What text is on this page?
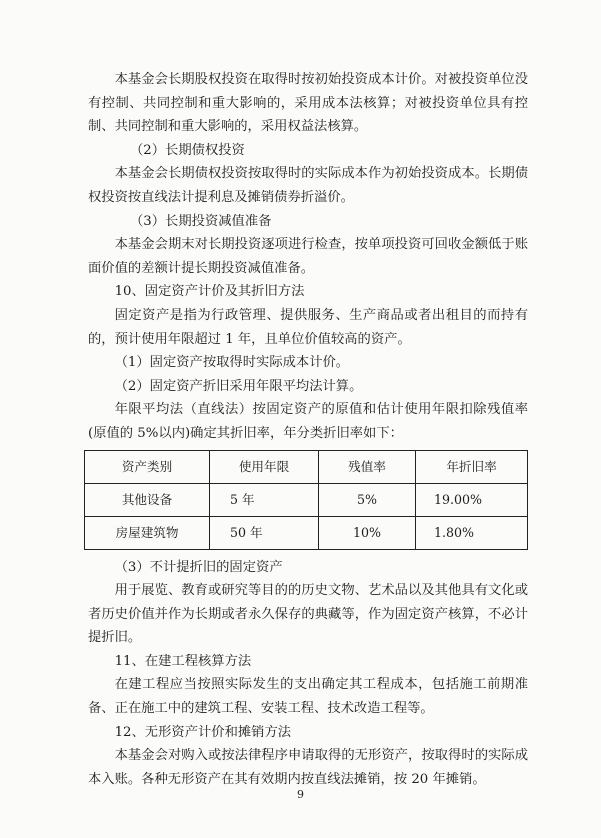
本基金会长期股权投资在取得时按初始投资成本计价。对被投资单位没有控制、共同控制和重大影响的，采用成本法核算；对被投资单位具有控制、共同控制和重大影响的，采用权益法核算。

（2）长期债权投资

本基金会长期债权投资按取得时的实际成本作为初始投资成本。长期债权投资按直线法计提利息及摊销债券折溢价。

（3）长期投资减值准备

本基金会期末对长期投资逐项进行检查，按单项投资可回收金额低于账面价值的差额计提长期投资减值准备。

10、固定资产计价及其折旧方法

固定资产是指为行政管理、提供服务、生产商品或者出租目的而持有的，预计使用年限超过 1 年，且单位价值较高的资产。

（1）固定资产按取得时实际成本计价。

（2）固定资产折旧采用年限平均法计算。

年限平均法（直线法）按固定资产的原值和估计使用年限扣除残值率(原值的 5%以内)确定其折旧率，年分类折旧率如下：

资产类别	使用年限	残值率	年折旧率
其他设备	5 年	5%	19.00%
房屋建筑物	50 年	10%	1.80%

（3）不计提折旧的固定资产

用于展览、教育或研究等目的的历史文物、艺术品以及其他具有文化或者历史价值并作为长期或者永久保存的典藏等，作为固定资产核算，不必计提折旧。

11、在建工程核算方法

在建工程应当按照实际发生的支出确定其工程成本，包括施工前期准备、正在施工中的建筑工程、安装工程、技术改造工程等。

12、无形资产计价和摊销方法

本基金会对购入或按法律程序申请取得的无形资产，按取得时的实际成本入账。各种无形资产在其有效期内按直线法摊销，按 20 年摊销。

9
